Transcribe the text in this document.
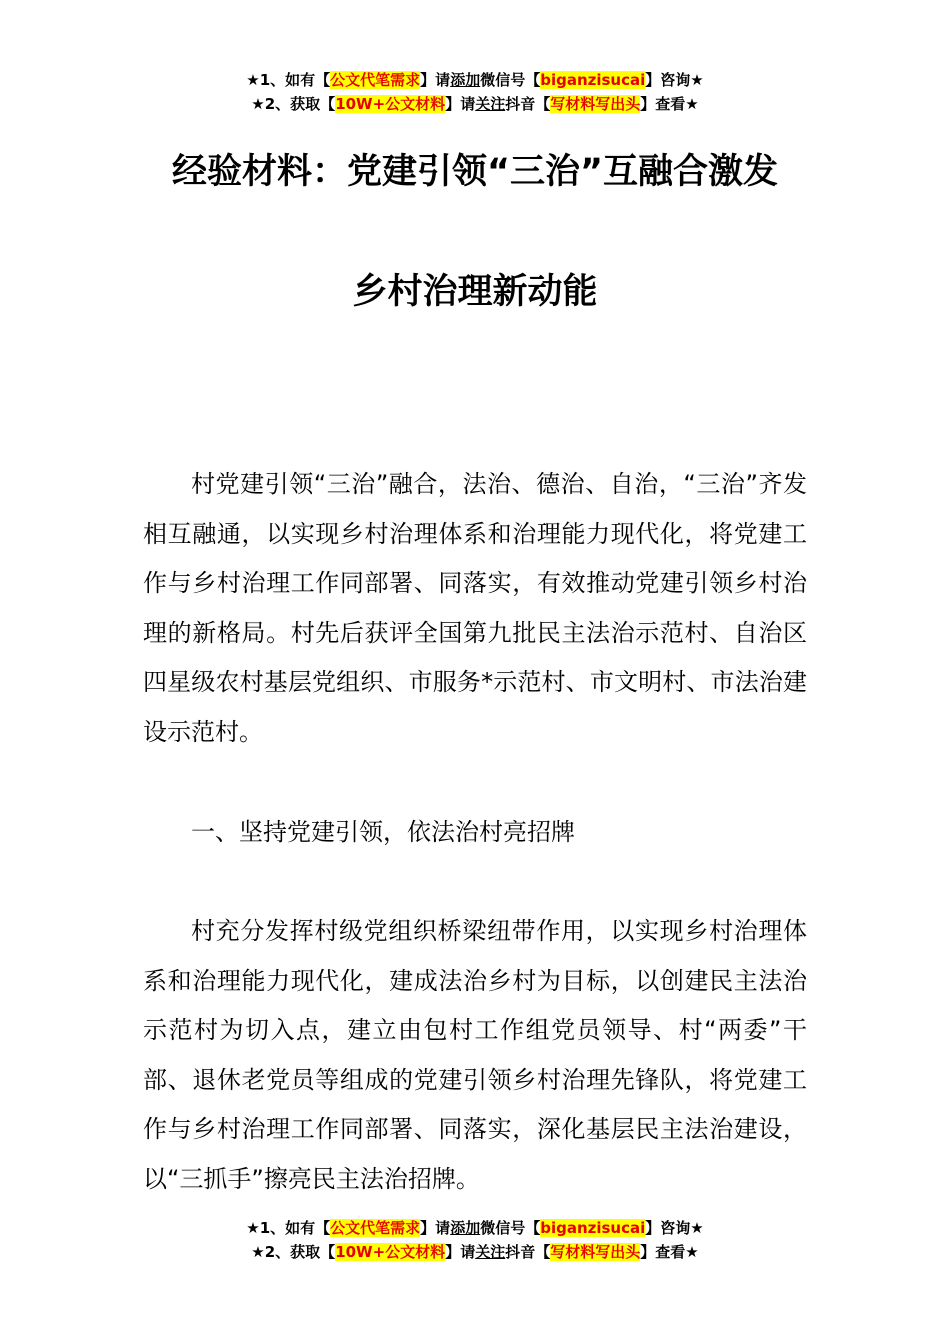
★1、如有【公文代笔需求】请添加微信号【biganzisucai】咨询★
★2、获取【10W+公文材料】请关注抖音【写材料写出头】查看★
经验材料：党建引领“三治”互融合激发
乡村治理新动能

村党建引领“三治”融合，法治、德治、自治，“三治”齐发相互融通，以实现乡村治理体系和治理能力现代化，将党建工作与乡村治理工作同部署、同落实，有效推动党建引领乡村治理的新格局。村先后获评全国第九批民主法治示范村、自治区四星级农村基层党组织、市服务*示范村、市文明村、市法治建设示范村。

一、坚持党建引领，依法治村亮招牌

村充分发挥村级党组织桥梁纽带作用，以实现乡村治理体系和治理能力现代化，建成法治乡村为目标，以创建民主法治示范村为切入点，建立由包村工作组党员领导、村“两委”干部、退休老党员等组成的党建引领乡村治理先锋队，将党建工作与乡村治理工作同部署、同落实，深化基层民主法治建设，以“三抓手”擦亮民主法治招牌。

★1、如有【公文代笔需求】请添加微信号【biganzisucai】咨询★
★2、获取【10W+公文材料】请关注抖音【写材料写出头】查看★
